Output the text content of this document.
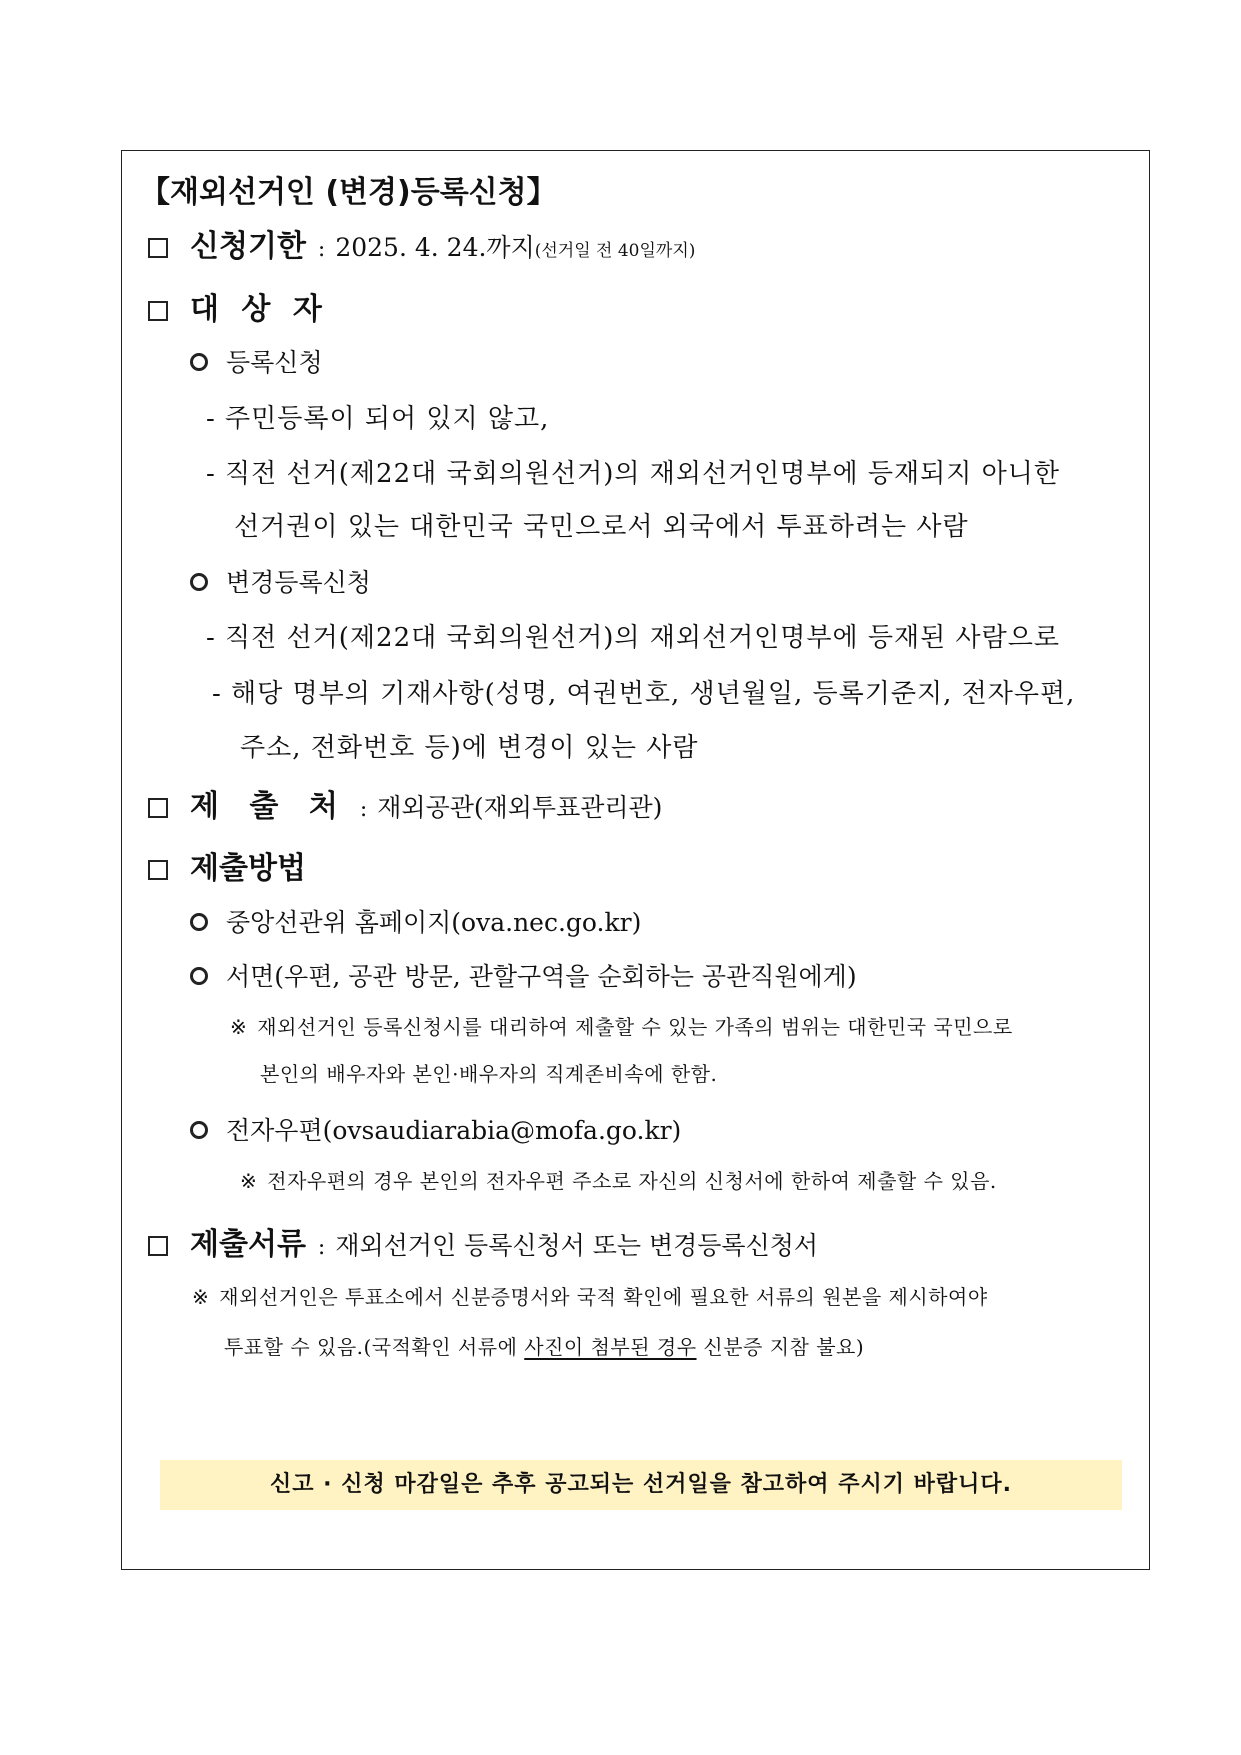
【재외선거인 (변경)등록신청】
신청기한 : 2025. 4. 24.까지(선거일 전 40일까지)
대 상 자
등록신청
- 주민등록이 되어 있지 않고,
- 직전 선거(제22대 국회의원선거)의 재외선거인명부에 등재되지 아니한
선거권이 있는 대한민국 국민으로서 외국에서 투표하려는 사람
변경등록신청
- 직전 선거(제22대 국회의원선거)의 재외선거인명부에 등재된 사람으로
- 해당 명부의 기재사항(성명, 여권번호, 생년월일, 등록기준지, 전자우편,
주소, 전화번호 등)에 변경이 있는 사람
제 출 처 : 재외공관(재외투표관리관)
제출방법
중앙선관위 홈페이지(ova.nec.go.kr)
서면(우편, 공관 방문, 관할구역을 순회하는 공관직원에게)
※ 재외선거인 등록신청시를 대리하여 제출할 수 있는 가족의 범위는 대한민국 국민으로
본인의 배우자와 본인·배우자의 직계존비속에 한함.
전자우편(ovsaudiarabia@mofa.go.kr)
※ 전자우편의 경우 본인의 전자우편 주소로 자신의 신청서에 한하여 제출할 수 있음.
제출서류 : 재외선거인 등록신청서 또는 변경등록신청서
※ 재외선거인은 투표소에서 신분증명서와 국적 확인에 필요한 서류의 원본을 제시하여야
투표할 수 있음.(국적확인 서류에 사진이 첨부된 경우 신분증 지참 불요)
신고 · 신청 마감일은 추후 공고되는 선거일을 참고하여 주시기 바랍니다.
